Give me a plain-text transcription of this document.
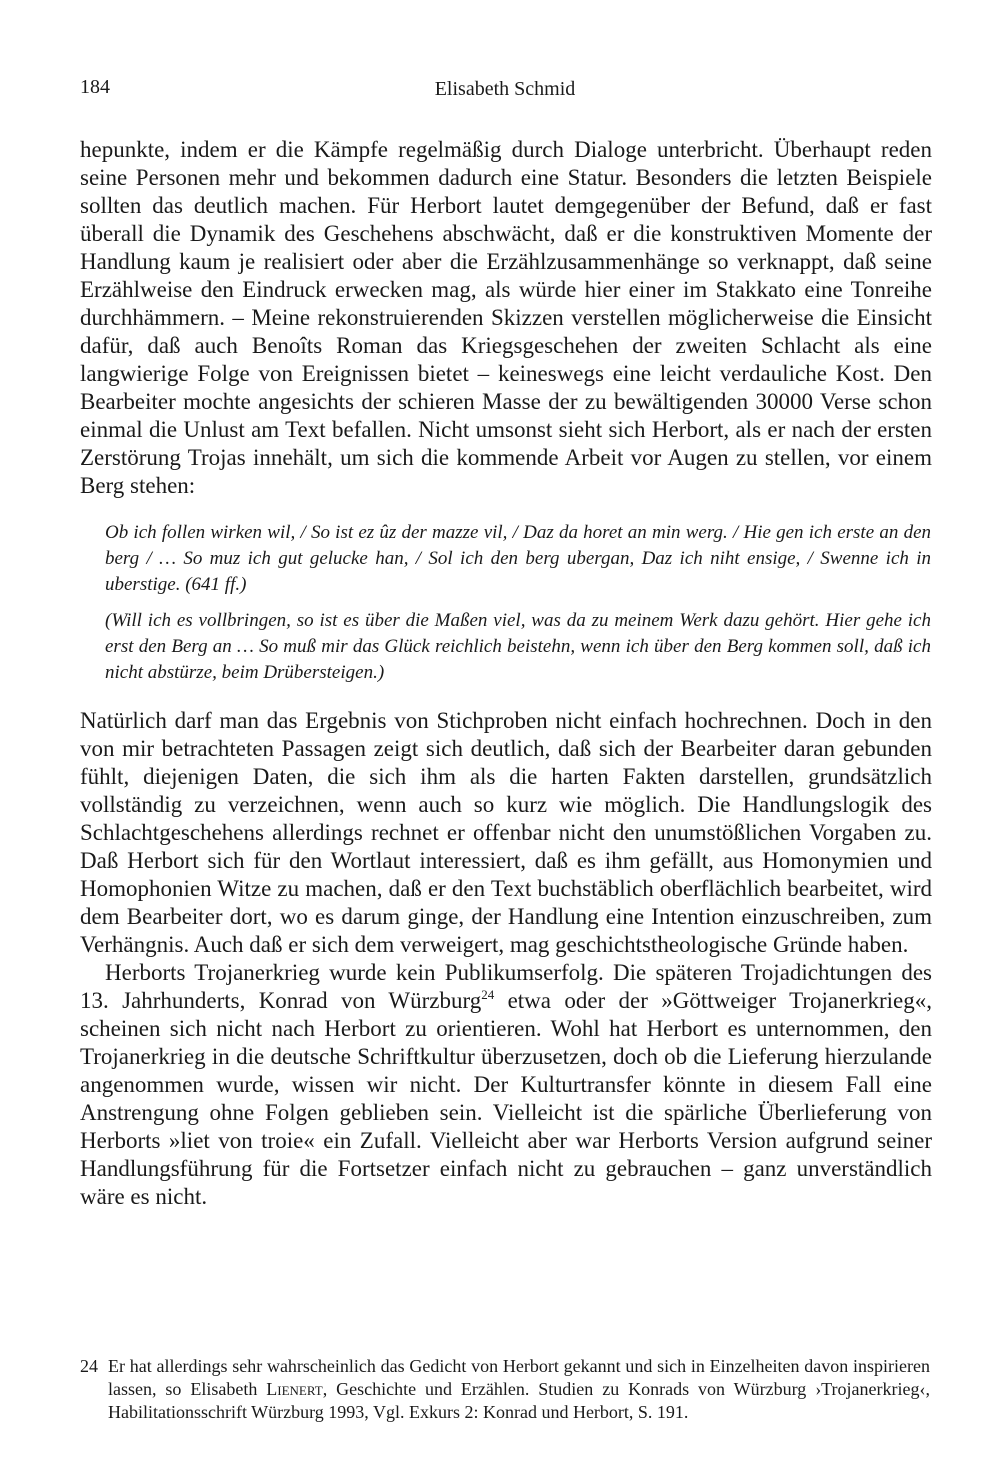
184	Elisabeth Schmid

hepunkte, indem er die Kämpfe regelmäßig durch Dialoge unterbricht. Überhaupt reden seine Personen mehr und bekommen dadurch eine Statur. Besonders die letzten Beispiele sollten das deutlich machen. Für Herbort lautet demgegenüber der Befund, daß er fast überall die Dynamik des Geschehens abschwächt, daß er die konstruktiven Momente der Handlung kaum je realisiert oder aber die Erzählzusammenhänge so verknappt, daß seine Erzählweise den Eindruck erwecken mag, als würde hier einer im Stakkato eine Tonreihe durchhämmern. – Meine rekonstruierenden Skizzen verstellen möglicherweise die Einsicht dafür, daß auch Benoîts Roman das Kriegsgeschehen der zweiten Schlacht als eine langwierige Folge von Ereignissen bietet – keineswegs eine leicht verdauliche Kost. Den Bearbeiter mochte angesichts der schieren Masse der zu bewältigenden 30000 Verse schon einmal die Unlust am Text befallen. Nicht umsonst sieht sich Herbort, als er nach der ersten Zerstörung Trojas innehält, um sich die kommende Arbeit vor Augen zu stellen, vor einem Berg stehen:

Ob ich follen wirken wil, / So ist ez ûz der mazze vil, / Daz da horet an min werg. / Hie gen ich erste an den berg / … So muz ich gut gelucke han, / Sol ich den berg ubergan, Daz ich niht ensige, / Swenne ich in uberstige. (641 ff.)

(Will ich es vollbringen, so ist es über die Maßen viel, was da zu meinem Werk dazu gehört. Hier gehe ich erst den Berg an … So muß mir das Glück reichlich beistehn, wenn ich über den Berg kommen soll, daß ich nicht abstürze, beim Drübersteigen.)

Natürlich darf man das Ergebnis von Stichproben nicht einfach hochrechnen. Doch in den von mir betrachteten Passagen zeigt sich deutlich, daß sich der Bearbeiter daran gebunden fühlt, diejenigen Daten, die sich ihm als die harten Fakten darstellen, grundsätzlich vollständig zu verzeichnen, wenn auch so kurz wie möglich. Die Handlungslogik des Schlachtgeschehens allerdings rechnet er offenbar nicht den unumstößlichen Vorgaben zu. Daß Herbort sich für den Wortlaut interessiert, daß es ihm gefällt, aus Homonymien und Homophonien Witze zu machen, daß er den Text buchstäblich oberflächlich bearbeitet, wird dem Bearbeiter dort, wo es darum ginge, der Handlung eine Intention einzuschreiben, zum Verhängnis. Auch daß er sich dem verweigert, mag geschichtstheologische Gründe haben.

Herborts Trojanerkrieg wurde kein Publikumserfolg. Die späteren Trojadichtungen des 13. Jahrhunderts, Konrad von Würzburg$^{24}$ etwa oder der »Göttweiger Trojanerkrieg«, scheinen sich nicht nach Herbort zu orientieren. Wohl hat Herbort es unternommen, den Trojanerkrieg in die deutsche Schriftkultur überzusetzen, doch ob die Lieferung hierzulande angenommen wurde, wissen wir nicht. Der Kulturtransfer könnte in diesem Fall eine Anstrengung ohne Folgen geblieben sein. Vielleicht ist die spärliche Überlieferung von Herborts »liet von troie« ein Zufall. Vielleicht aber war Herborts Version aufgrund seiner Handlungsführung für die Fortsetzer einfach nicht zu gebrauchen – ganz unverständlich wäre es nicht.

24 Er hat allerdings sehr wahrscheinlich das Gedicht von Herbort gekannt und sich in Einzelheiten davon inspirieren lassen, so Elisabeth Lienert, Geschichte und Erzählen. Studien zu Konrads von Würzburg ›Trojanerkrieg‹, Habilitationsschrift Würzburg 1993, Vgl. Exkurs 2: Konrad und Herbort, S. 191.
